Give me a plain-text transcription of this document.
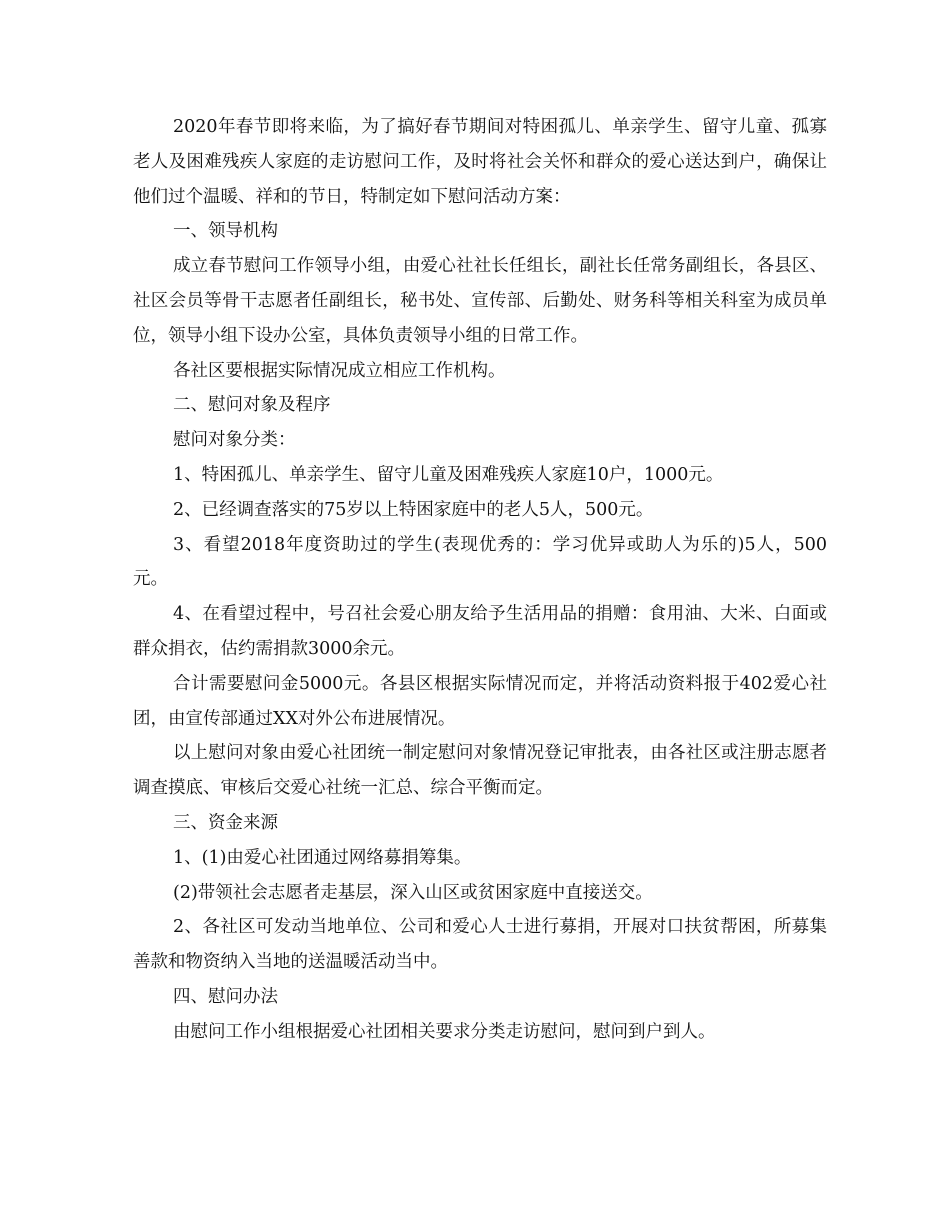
2020年春节即将来临，为了搞好春节期间对特困孤儿、单亲学生、留守儿童、孤寡老人及困难残疾人家庭的走访慰问工作，及时将社会关怀和群众的爱心送达到户，确保让他们过个温暖、祥和的节日，特制定如下慰问活动方案：

一、领导机构

成立春节慰问工作领导小组，由爱心社社长任组长，副社长任常务副组长，各县区、社区会员等骨干志愿者任副组长，秘书处、宣传部、后勤处、财务科等相关科室为成员单位，领导小组下设办公室，具体负责领导小组的日常工作。

各社区要根据实际情况成立相应工作机构。

二、慰问对象及程序

慰问对象分类：

1、特困孤儿、单亲学生、留守儿童及困难残疾人家庭10户，1000元。

2、已经调查落实的75岁以上特困家庭中的老人5人，500元。

3、看望2018年度资助过的学生(表现优秀的：学习优异或助人为乐的)5人，500元。

4、在看望过程中，号召社会爱心朋友给予生活用品的捐赠：食用油、大米、白面或群众捐衣，估约需捐款3000余元。

合计需要慰问金5000元。各县区根据实际情况而定，并将活动资料报于402爱心社团，由宣传部通过XX对外公布进展情况。

以上慰问对象由爱心社团统一制定慰问对象情况登记审批表，由各社区或注册志愿者调查摸底、审核后交爱心社统一汇总、综合平衡而定。

三、资金来源

1、(1)由爱心社团通过网络募捐筹集。

(2)带领社会志愿者走基层，深入山区或贫困家庭中直接送交。

2、各社区可发动当地单位、公司和爱心人士进行募捐，开展对口扶贫帮困，所募集善款和物资纳入当地的送温暖活动当中。

四、慰问办法

由慰问工作小组根据爱心社团相关要求分类走访慰问，慰问到户到人。
